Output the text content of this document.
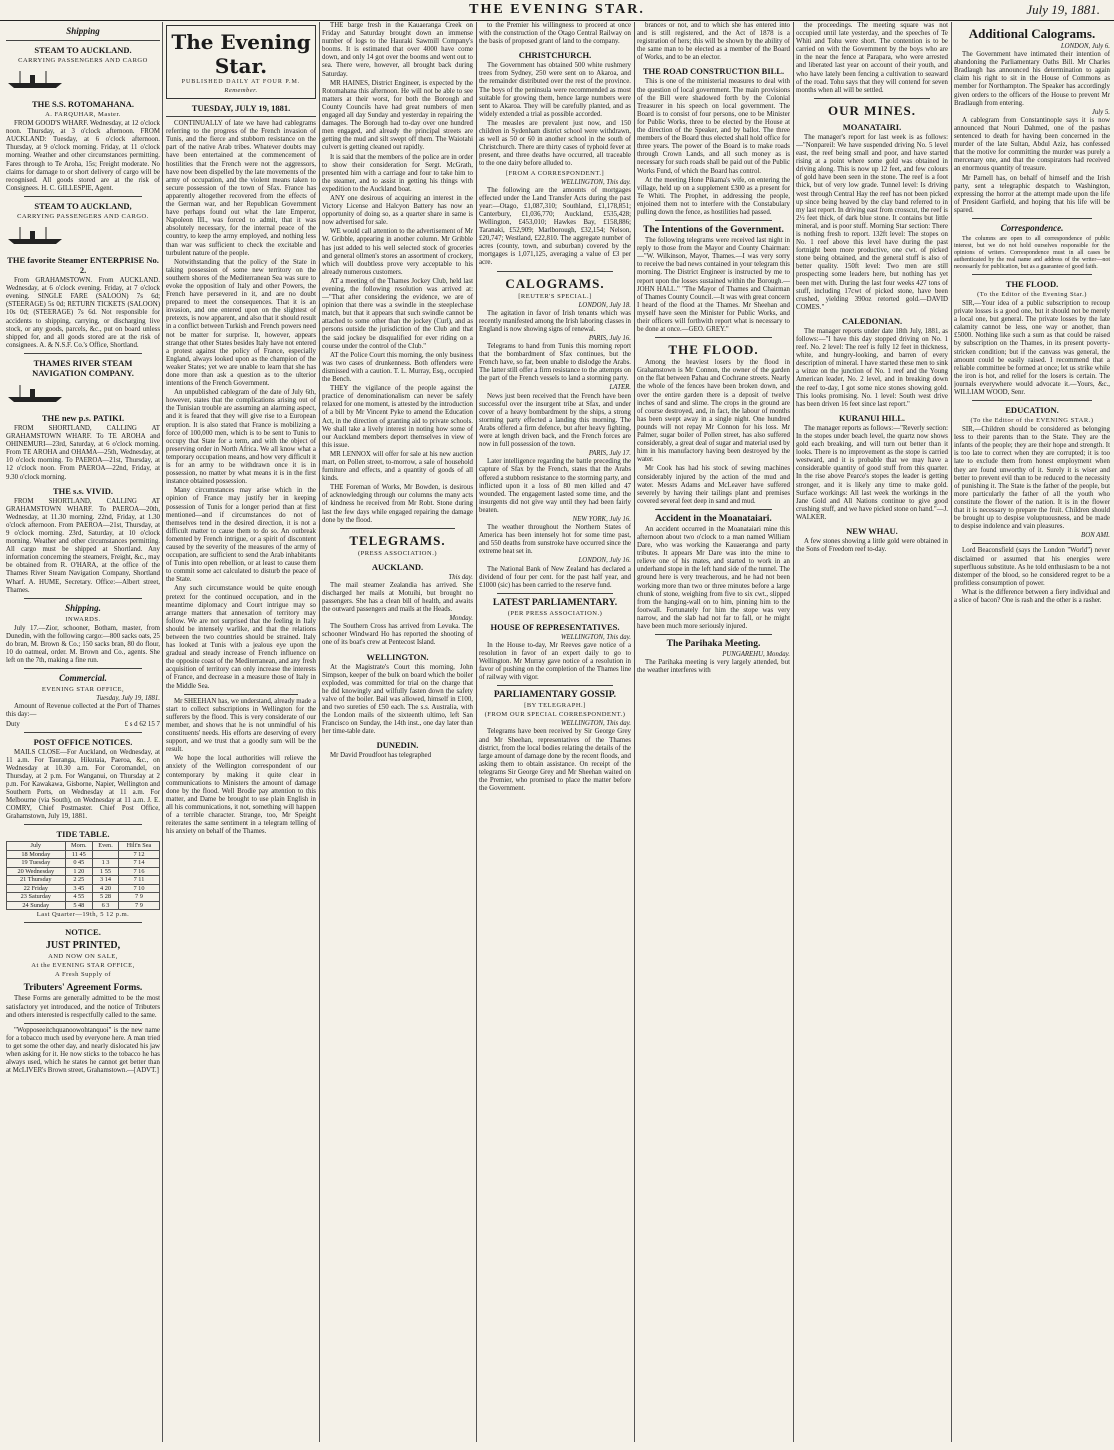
THE EVENING STAR.	July 19, 1881.
Shipping
STEAM TO AUCKLAND.
CARRYING PASSENGERS AND CARGO
THE S.S. ROTOMAHANA.
A. FARQUHAR, Master.
FROM GOOD'S WHARF. Wednesday, at 12 o'clock noon. Thursday, at 3 o'clock afternoon. FROM AUCKLAND: Tuesday, at 6 o'clock afternoon. Thursday, at 9 o'clock morning. Friday, at 11 o'clock morning. Weather and other circumstances permitting. Fares through to Te Aroha, 15s; Freight moderate. No claims for damage to or short delivery of cargo will be recognised. All goods stored are at the risk of Consignees. H. C. GILLESPIE, Agent.
STEAM TO AUCKLAND,
CARRYING PASSENGERS AND CARGO.
THE favorite Steamer ENTERPRISE No. 2.
From GRAHAMSTOWN. From AUCKLAND. Wednesday, at 6 o'clock evening. Friday, at 7 o'clock evening. SINGLE FARE (SALOON) 7s 6d; (STEERAGE) 5s 0d; RETURN TICKETS (SALOON) 10s 0d; (STEERAGE) 7s 6d. Not responsible for accidents to shipping, carrying, or discharging live stock, or any goods, parcels, &c., put on board unless shipped for, and all goods stored are at the risk of consignees. A. & N.S.F. Co.'s Office, Shortland.
THAMES RIVER STEAM NAVIGATION COMPANY.
THE new p.s. PATIKI.
FROM SHORTLAND, CALLING AT GRAHAMSTOWN WHARF. To TE AROHA and OHINEMURI—23rd, Saturday, at 6 o'clock morning. From TE AROHA and OHAMA—25th, Wednesday, at 10 o'clock morning. To PAEROA—21st, Thursday, at 12 o'clock noon. From PAEROA—22nd, Friday, at 9.30 o'clock morning.
THE s.s. VIVID.
FROM SHORTLAND, CALLING AT GRAHAMSTOWN WHARF. To PAEROA—20th, Wednesday, at 11.30 morning. 22nd, Friday, at 1.30 o'clock afternoon. From PAEROA—21st, Thursday, at 9 o'clock morning. 23rd, Saturday, at 10 o'clock morning. Weather and other circumstances permitting. All cargo must be shipped at Shortland. Any information concerning the steamers, Freight, &c., may be obtained from R. O'HARA, at the office of the Thames River Steam Navigation Company, Shortland Wharf. A. HUME, Secretary. Office:—Albert street, Thames.
Shipping.
INWARDS.
July 17.—Zior, schooner, Botham, master, from Dunedin, with the following cargo:—800 sacks oats, 25 do bran, M. Brown & Co.; 150 sacks bran, 80 do flour, 10 do oatmeal, order. M. Brown and Co., agents. She left on the 7th, making a fine run.
Commercial.
EVENING STAR OFFICE,
Tuesday, July 19, 1881.
Amount of Revenue collected at the Port of Thames this day:—
Duty	£ s d 62 15 7
POST OFFICE NOTICES.
MAILS CLOSE—For Auckland, on Wednesday, at 11 a.m. For Tauranga, Hikutaia, Paeroa, &c., on Wednesday at 10.30 a.m. For Coromandel, on Thursday, at 2 p.m. For Wanganui, on Thursday at 2 p.m. For Kawakawa, Gisborne, Napier, Wellington and Southern Ports, on Wednesday at 11 a.m. For Melbourne (via South), on Wednesday at 11 a.m. J. E. COMRY, Chief Postmaster. Chief Post Office, Grahamstown, July 19, 1881.
TIDE TABLE.
July	Morn.	Even.	Hilt'n Sea
18 Monday	11 45		7 12
19 Tuesday	0 45	1 3	7 14
20 Wednesday	1 20	1 55	7 16
21 Thursday	2 25	3 14	7 11
22 Friday	3 45	4 20	7 10
23 Saturday	4 55	5 28	7 9
24 Sunday	5 48	6 3	7 9
Last Quarter—19th, 5 12 p.m.
NOTICE.
JUST PRINTED,
AND NOW ON SALE,
At the EVENING STAR OFFICE,
A Fresh Supply of
Tributers' Agreement Forms.
These Forms are generally admitted to be the most satisfactory yet introduced, and the notice of Tributers and others interested is respectfully called to the same.
"Wopposeeitchquanoowohtanquoi" is the new name for a tobacco much used by everyone here. A man tried to get some the other day, and nearly dislocated his jaw when asking for it. He now sticks to the tobacco he has always used, which he states he cannot get better than at McLIVER's Brown street, Grahamstown.—[ADVT.]
The Evening Star.
PUBLISHED DAILY AT FOUR P.M.
Remember.
TUESDAY, JULY 19, 1881.
CONTINUALLY of late we have had cablegrams referring to the progress of the French invasion of Tunis, and the fierce and stubborn resistance on the part of the native Arab tribes. Whatever doubts may have been entertained at the commencement of hostilities that the French were not the aggressors, have now been dispelled by the late movements of the army of occupation, and the violent means taken to secure possession of the town of Sfax. France has apparently altogether recovered from the effects of the German war, and her Republican Government have perhaps found out what the late Emperor, Napoleon III., was forced to admit, that it was absolutely necessary, for the internal peace of the country, to keep the army employed, and nothing less than war was sufficient to check the excitable and turbulent nature of the people.
Notwithstanding that the policy of the State in taking possession of some new territory on the southern shores of the Mediterranean Sea was sure to evoke the opposition of Italy and other Powers, the French have persevered in it, and are no doubt prepared to meet the consequences. That it is an invasion, and one entered upon on the slightest of pretexts, is now apparent, and also that it should result in a conflict between Turkish and French powers need not be matter for surprise. It, however, appears strange that other States besides Italy have not entered a protest against the policy of France, especially England, always looked upon as the champion of the weaker States; yet we are unable to learn that she has done more than ask a question as to the ulterior intentions of the French Government.
An unpublished cablegram of the date of July 6th, however, states that the complications arising out of the Tunisian trouble are assuming an alarming aspect, and it is feared that they will give rise to a European eruption. It is also stated that France is mobilizing a force of 100,000 men, which is to be sent to Tunis to occupy that State for a term, and with the object of preserving order in North Africa. We all know what a temporary occupation means, and how very difficult it is for an army to be withdrawn once it is in possession, no matter by what means it is in the first instance obtained possession.
Many circumstances may arise which in the opinion of France may justify her in keeping possession of Tunis for a longer period than at first mentioned—and if circumstances do not of themselves tend in the desired direction, it is not a difficult matter to cause them to do so. An outbreak fomented by French intrigue, or a spirit of discontent caused by the severity of the measures of the army of occupation, are sufficient to send the Arab inhabitants of Tunis into open rebellion, or at least to cause them to commit some act calculated to disturb the peace of the State.
Any such circumstance would be quite enough pretext for the continued occupation, and in the meantime diplomacy and Court intrigue may so arrange matters that annexation of territory may follow. We are not surprised that the feeling in Italy should be intensely warlike, and that the relations between the two countries should be strained. Italy has looked at Tunis with a jealous eye upon the gradual and steady increase of French influence on the opposite coast of the Mediterranean, and any fresh acquisition of territory can only increase the interests of France, and decrease in a measure those of Italy in the Middle Sea.
Mr SHEEHAN has, we understand, already made a start to collect subscriptions in Wellington for the sufferers by the flood. This is very considerate of our member, and shows that he is not unmindful of his constituents' needs. His efforts are deserving of every support, and we trust that a goodly sum will be the result.
We hope the local authorities will relieve the anxiety of the Wellington correspondent of our contemporary by making it quite clear in communications to Ministers the amount of damage done by the flood. Well Brodie pay attention to this matter, and Dame be brought to use plain English in all his communications, it not, something will happen of a terrible character. Strange, too, Mr Speight reiterates the same sentiment in a telegram telling of his anxiety on behalf of the Thames.
THE barge fresh in the Kauaeranga Creek on Friday and Saturday brought down an immense number of logs to the Hauraki Sawmill Company's booms. It is estimated that over 4000 have come down, and only 14 got over the booms and went out to sea. There were, however, all brought back during Saturday.
MR HAINES, District Engineer, is expected by the Rotomahana this afternoon. He will not be able to see matters at their worst, for both the Borough and County Councils have had great numbers of men engaged all day Sunday and yesterday in repairing the damages. The Borough had to-day over one hundred men engaged, and already the principal streets are getting the mud and silt swept off them. The Waiotahi culvert is getting cleaned out rapidly.
It is said that the members of the police are in order to show their consideration for Sergt. McGrath, presented him with a carriage and four to take him to the steamer, and to assist in getting his things with expedition to the Auckland boat.
ANY one desirous of acquiring an interest in the Victory License and Halcyon Battery has now an opportunity of doing so, as a quarter share in same is now advertised for sale.
WE would call attention to the advertisement of Mr W. Gribble, appearing in another column. Mr Gribble has just added to his well selected stock of groceries and general ollmen's stores an assortment of crockery, which will doubtless prove very acceptable to his already numerous customers.
AT a meeting of the Thames Jockey Club, held last evening, the following resolution was arrived at:—"That after considering the evidence, we are of opinion that there was a swindle in the steeplechase match, but that it appears that such swindle cannot be attached to some other than the jockey (Curl), and as persons outside the jurisdiction of the Club and that the said jockey be disqualified for ever riding on a course under the control of the Club."
AT the Police Court this morning, the only business was two cases of drunkenness. Both offenders were dismissed with a caution. T. L. Murray, Esq., occupied the Bench.
THEY the vigilance of the people against the practice of denominationalism can never be safely relaxed for one moment, is attested by the introduction of a bill by Mr Vincent Pyke to amend the Education Act, in the direction of granting aid to private schools. We shall take a lively interest in noting how some of our Auckland members deport themselves in view of this issue.
MR LENNOX will offer for sale at his new auction mart, on Pollen street, to-morrow, a sale of household furniture and effects, and a quantity of goods of all kinds.
THE Foreman of Works, Mr Bowden, is desirous of acknowledging through our columns the many acts of kindness he received from Mr Robt. Stone during last the few days while engaged repairing the damage done by the flood.
TELEGRAMS.
(PRESS ASSOCIATION.)
AUCKLAND.
This day.
The mail steamer Zealandia has arrived. She discharged her mails at Motuihi, but brought no passengers. She has a clean bill of health, and awaits the outward passengers and mails at the Heads.
Monday.
The Southern Cross has arrived from Levuka. The schooner Windward Ho has reported the shooting of one of its boat's crew at Pentecost Island.
WELLINGTON.
At the Magistrate's Court this morning, John Simpson, keeper of the bulk on board which the boiler exploded, was committed for trial on the charge that he did knowingly and wilfully fasten down the safety valve of the boiler. Bail was allowed, himself in £100, and two sureties of £50 each. The s.s. Australia, with the London mails of the sixteenth ultimo, left San Francisco on Sunday, the 14th inst., one day later than her time-table date.
DUNEDIN.
Mr David Proudfoot has telegraphed
to the Premier his willingness to proceed at once with the construction of the Otago Central Railway on the basis of proposed grant of land to the company.
CHRISTCHURCH.
The Government has obtained 500 white rushmery trees from Sydney, 250 were sent on to Akaroa, and the remainder distributed over the rest of the province. The boys of the peninsula were recommended as most suitable for growing them, hence large numbers were sent to Akaroa. They will be carefully planted, and as widely extended a trial as possible accorded.
The measles are prevalent just now, and 150 children in Sydenham district school were withdrawn, as well as 50 or 60 in another school in the south of Christchurch. There are thirty cases of typhoid fever at present, and three deaths have occurred, all traceable to the one dairy before alluded to.
[FROM A CORRESPONDENT.]
WELLINGTON, This day.
The following are the amounts of mortgages effected under the Land Transfer Acts during the past year:—Otago, £1,087,310; Southland, £1,178,851; Canterbury, £1,036,770; Auckland, £535,428; Wellington, £453,010; Hawkes Bay, £158,886; Taranaki, £52,909; Marlborough, £32,154; Nelson, £20,747; Westland, £22,810. The aggregate number of acres (county, town, and suburban) covered by the mortgages is 1,071,125, averaging a value of £3 per acre.
CALOGRAMS.
[REUTER'S SPECIAL.]
LONDON, July 18.
The agitation in favor of Irish tenants which was recently manifested among the Irish laboring classes in England is now showing signs of renewal.
PARIS, July 16.
Telegrams to hand from Tunis this morning report that the bombardment of Sfax continues, but the French have, so far, been unable to dislodge the Arabs. The latter still offer a firm resistance to the attempts on the part of the French vessels to land a storming party.
LATER.
News just been received that the French have been successful over the insurgent tribe at Sfax, and under cover of a heavy bombardment by the ships, a strong storming party effected a landing this morning. The Arabs offered a firm defence, but after heavy fighting, were at length driven back, and the French forces are now in full possession of the town.
PARIS, July 17.
Later intelligence regarding the battle preceding the capture of Sfax by the French, states that the Arabs offered a stubborn resistance to the storming party, and inflicted upon it a loss of 80 men killed and 47 wounded. The engagement lasted some time, and the insurgents did not give way until they had been fairly beaten.
NEW YORK, July 16.
The weather throughout the Northern States of America has been intensely hot for some time past, and 550 deaths from sunstroke have occurred since the extreme heat set in.
LONDON, July 16.
The National Bank of New Zealand has declared a dividend of four per cent. for the past half year, and £1000 (sic) has been carried to the reserve fund.
LATEST PARLIAMENTARY.
(PER PRESS ASSOCIATION.)
HOUSE OF REPRESENTATIVES.
WELLINGTON, This day.
In the House to-day, Mr Reeves gave notice of a resolution in favor of an expert daily to go to Wellington. Mr Murray gave notice of a resolution in favor of pushing on the completion of the Thames line of railway with vigor.
PARLIAMENTARY GOSSIP.
[BY TELEGRAPH.]
(FROM OUR SPECIAL CORRESPONDENT.)
WELLINGTON, This day.
Telegrams have been received by Sir George Grey and Mr Sheehan, representatives of the Thames district, from the local bodies relating the details of the large amount of damage done by the recent floods, and asking them to obtain assistance. On receipt of the telegrams Sir George Grey and Mr Sheehan waited on the Premier, who promised to place the matter before the Government.
brances or not, and to which she has entered into and is still registered, and the Act of 1878 is a registration of hers; this will be shown by the ability of the same man to be elected as a member of the Board of Works, and to be an elector.
THE ROAD CONSTRUCTION BILL.
This is one of the ministerial measures to deal with the question of local government. The main provisions of the Bill were shadowed forth by the Colonial Treasurer in his speech on local government. The Board is to consist of four persons, one to be Minister for Public Works, three to be elected by the House at the direction of the Speaker, and by ballot. The three members of the Board thus elected shall hold office for three years. The power of the Board is to make roads through Crown Lands, and all such money as is necessary for such roads shall be paid out of the Public Works Fund, of which the Board has control.
At the meeting Hone Pikama's wife, on entering the village, held up on a supplement £300 as a present for Te Whiti. The Prophet, in addressing the people, enjoined them not to interfere with the Constabulary pulling down the fence, as hostilities had passed.
The Intentions of the Government.
The following telegrams were received last night in reply to those from the Mayor and County Chairman:—"W. Wilkinson, Mayor, Thames.—I was very sorry to receive the bad news contained in your telegram this morning. The District Engineer is instructed by me to report upon the losses sustained within the Borough.—JOHN HALL." "The Mayor of Thames and Chairman of Thames County Council.—It was with great concern I heard of the flood at the Thames. Mr Sheehan and myself have seen the Minister for Public Works, and their officers will forthwith report what is necessary to be done at once.—GEO. GREY."
THE FLOOD.
Among the heaviest losers by the flood in Grahamstown is Mr Connon, the owner of the garden on the flat between Pahau and Cochrane streets. Nearly the whole of the fences have been broken down, and over the entire garden there is a deposit of twelve inches of sand and slime. The crops in the ground are of course destroyed, and, in fact, the labour of months has been swept away in a single night. One hundred pounds will not repay Mr Connon for his loss. Mr Palmer, sugar boiler of Pollen street, has also suffered considerably, a great deal of sugar and material used by him in his manufactory having been destroyed by the water.
Mr Cook has had his stock of sewing machines considerably injured by the action of the mud and water. Messrs Adams and McLeaver have suffered severely by having their tailings plant and premises covered several feet deep in sand and mud.
Accident in the Moanataiari.
An accident occurred in the Moanataiari mine this afternoon about two o'clock to a man named William Dare, who was working the Kauaeranga and party tributes. It appears Mr Dare was into the mine to relieve one of his mates, and started to work in an underhand stope in the left hand side of the tunnel. The ground here is very treacherous, and he had not been working more than two or three minutes before a large chunk of stone, weighing from five to six cwt., slipped from the hanging-wall on to him, pinning him to the footwall. Fortunately for him the stope was very narrow, and the slab had not far to fall, or he might have been much more seriously injured.
The Parihaka Meeting.
PUNGAREHU, Monday.
The Parihaka meeting is very largely attended, but the weather interferes with
the proceedings. The meeting square was not occupied until late yesterday, and the speeches of Te Whiti and Tohu were short. The contention is to be carried on with the Government by the boys who are in the near the fence at Parapara, who were arrested and liberated last year on account of their youth, and who have lately been fencing a cultivation to seaward of the road. Tohu says that they will contend for seven months when all will be settled.
OUR MINES.
MOANATAIRI.
The manager's report for last week is as follows:—"Nonpareil: We have suspended driving No. 5 level east, the reef being small and poor, and have started rising at a point where some gold was obtained in driving along. This is now up 12 feet, and few colours of gold have been seen in the stone. The reef is a foot thick, but of very low grade. Tunnel level: Is driving west through Central Hay the reef has not been picked up since being heaved by the clay band referred to in my last report. In driving east from crosscut, the reef is 2½ feet thick, of dark blue stone. It contains but little mineral, and is poor stuff. Morning Star section: There is nothing fresh to report. 132ft level: The stopes on No. 1 reef above this level have during the past fortnight been more productive, one cwt. of picked stone being obtained, and the general stuff is also of better quality. 150ft level: Two men are still prospecting some leaders here, but nothing has yet been met with. During the last four weeks 427 tons of stuff, including 17cwt of picked stone, have been crushed, yielding 390oz retorted gold.—DAVID COMES."
CALEDONIAN.
The manager reports under date 18th July, 1881, as follows:—"I have this day stopped driving on No. 1 reef. No. 2 level: The reef is fully 12 feet in thickness, white, and hungry-looking, and barren of every description of mineral. I have started these men to sink a winze on the junction of No. 1 reef and the Young American leader, No. 2 level, and in breaking down the reef to-day, I got some nice stones showing gold. This looks promising. No. 1 level: South west drive has been driven 16 feet since last report."
KURANUI HILL.
The manager reports as follows:—"Reverly section: In the stopes under beach level, the quartz now shows gold each breaking, and will turn out better than it looks. There is no improvement as the stope is carried westward, and it is probable that we may have a considerable quantity of good stuff from this quarter. In the rise above Pearce's stopes the leader is getting stronger, and it is likely any time to make gold. Surface workings: All last week the workings in the Jane Gold and All Nations continue to give good crushing stuff, and we have picked stone on hand."—J. WALKER.
NEW WHAU.
A few stones showing a little gold were obtained in the Sons of Freedom reef to-day.
Additional Calograms.
LONDON, July 6.
The Government have intimated their intention of abandoning the Parliamentary Oaths Bill. Mr Charles Bradlaugh has announced his determination to again claim his right to sit in the House of Commons as member for Northampton. The Speaker has accordingly given orders to the officers of the House to prevent Mr Bradlaugh from entering.
July 5.
A cablegram from Constantinople says it is now announced that Nouri Dahmed, one of the pashas sentenced to death for having been concerned in the murder of the late Sultan, Abdul Aziz, has confessed that the motive for committing the murder was purely a mercenary one, and that the conspirators had received an enormous quantity of treasure.
Mr Parnell has, on behalf of himself and the Irish party, sent a telegraphic despatch to Washington, expressing the horror at the attempt made upon the life of President Garfield, and hoping that his life will be spared.
Correspondence.
The columns are open to all correspondence of public interest, but we do not hold ourselves responsible for the opinions of writers. Correspondence must in all cases be authenticated by the real name and address of the writer—not necessarily for publication, but as a guarantee of good faith.
THE FLOOD.
(To the Editor of the Evening Star.)
SIR,—Your idea of a public subscription to recoup private losses is a good one, but it should not be merely a local one, but general. The private losses by the late calamity cannot be less, one way or another, than £5000. Nothing like such a sum as that could be raised by subscription on the Thames, in its present poverty-stricken condition; but if the canvass was general, the amount could be easily raised. I recommend that a reliable committee be formed at once; let us strike while the iron is hot, and relief for the losers is certain. The journals everywhere would advocate it.—Yours, &c., WILLIAM WOOD, Senr.
EDUCATION.
(To the Editor of the EVENING STAR.)
SIR,—Children should be considered as belonging less to their parents than to the State. They are the infants of the people; they are their hope and strength. It is too late to correct when they are corrupted; it is too late to exclude them from honest employment when they are found unworthy of it. Surely it is wiser and better to prevent evil than to be reduced to the necessity of punishing it. The State is the father of the people, but more particularly the father of all the youth who constitute the flower of the nation. It is in the flower that it is necessary to prepare the fruit. Children should be brought up to despise voluptuousness, and be made to despise indolence and vain pleasures.
BON AMI.
Lord Beaconsfield (says the London "World") never disclaimed or assumed that his energies were superfluous substitute. As he told enthusiasm to be a not distemper of the blood, so he considered regret to be a profitless consumption of power.
What is the difference between a fiery individual and a slice of bacon? One is rash and the other is a rasher.
